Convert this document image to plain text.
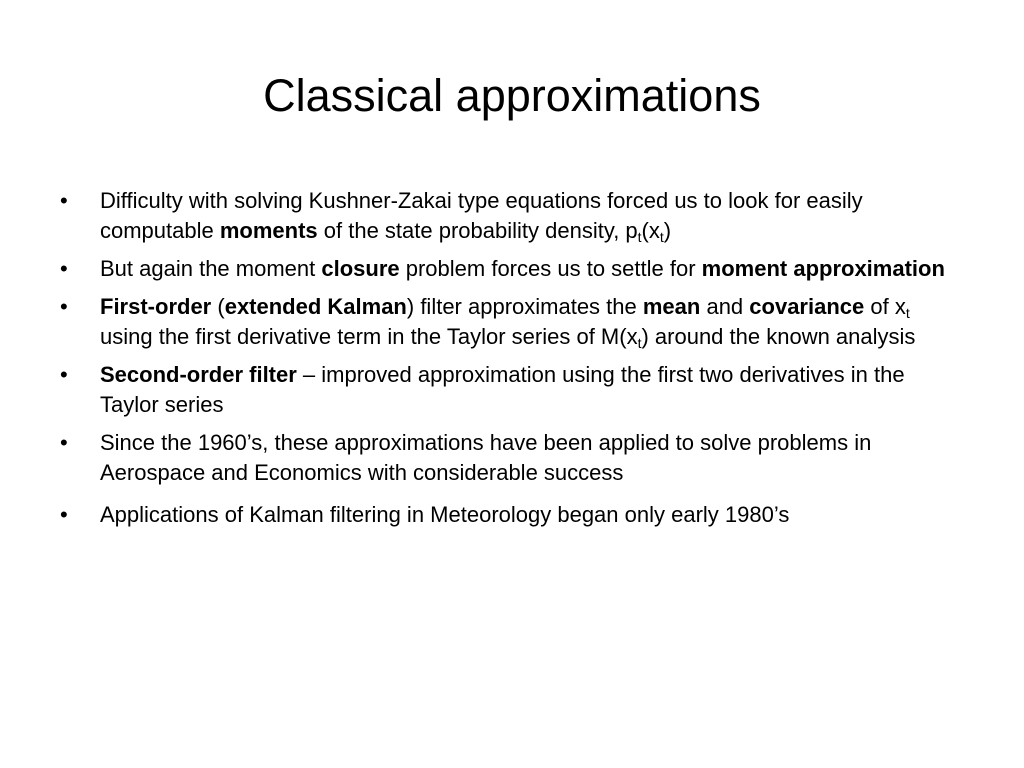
Classical approximations
•	Difficulty with solving Kushner-Zakai type equations forced us to look for easily computable moments of the state probability density, $p_t(x_t)$
•	But again the moment closure problem forces us to settle for moment approximation
•	First-order (extended Kalman) filter approximates the mean and covariance of $x_t$ using the first derivative term in the Taylor series of $M(x_t)$ around the known analysis
•	Second-order filter – improved approximation using the first two derivatives in the Taylor series
•	Since the 1960’s, these approximations have been applied to solve problems in Aerospace and Economics with considerable success
•	Applications of Kalman filtering in Meteorology began only early 1980’s
